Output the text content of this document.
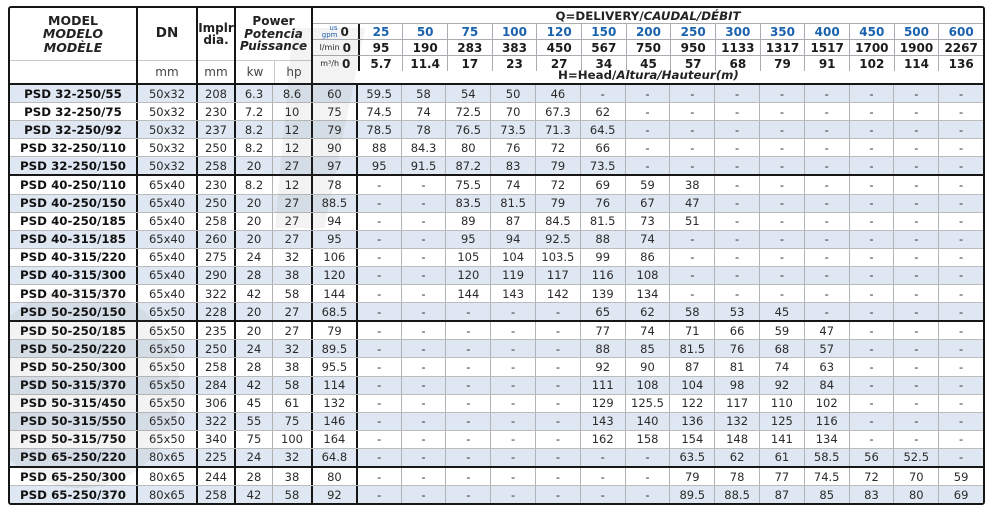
MODEL
MODELO
MODÈLE
DN
mm
Implr
dia.
mm
Power
Potencia
Puissance
kw	hp
Q=DELIVERY/ CAUDAL/DÉBIT
us
gpm 0 25 50 75 100 120 150 200 250 300 350 400 450 500 600
l/min 0 95 190 283 383 450 567 750 950 1133 1317 1517 1700 1900 2267
m³/h 0 5.7 11.4 17 23 27 34 45 57 68 79 91 102 114 136
H=Head/ Altura/Hauteur (m)
PSD 32-250/55	50x32	208	6.3	8.6	60	59.5	58	54	50	46	-	-	-	-	-	-	-	-	-
PSD 32-250/75	50x32	230	7.2	10	75	74.5	74	72.5	70	67.3	62	-	-	-	-	-	-	-	-
PSD 32-250/92	50x32	237	8.2	12	79	78.5	78	76.5	73.5	71.3	64.5	-	-	-	-	-	-	-	-
PSD 32-250/110	50x32	250	8.2	12	90	88	84.3	80	76	72	66	-	-	-	-	-	-	-	-
PSD 32-250/150	50x32	258	20	27	97	95	91.5	87.2	83	79	73.5	-	-	-	-	-	-	-	-
PSD 40-250/110	65x40	230	8.2	12	78	-	-	75.5	74	72	69	59	38	-	-	-	-	-	-
PSD 40-250/150	65x40	250	20	27	88.5	-	-	83.5	81.5	79	76	67	47	-	-	-	-	-	-
PSD 40-250/185	65x40	258	20	27	94	-	-	89	87	84.5	81.5	73	51	-	-	-	-	-	-
PSD 40-315/185	65x40	260	20	27	95	-	-	95	94	92.5	88	74	-	-	-	-	-	-	-
PSD 40-315/220	65x40	275	24	32	106	-	-	105	104	103.5	99	86	-	-	-	-	-	-	-
PSD 40-315/300	65x40	290	28	38	120	-	-	120	119	117	116	108	-	-	-	-	-	-	-
PSD 40-315/370	65x40	322	42	58	144	-	-	144	143	142	139	134	-	-	-	-	-	-	-
PSD 50-250/150	65x50	228	20	27	68.5	-	-	-	-	-	65	62	58	53	45	-	-	-	-
PSD 50-250/185	65x50	235	20	27	79	-	-	-	-	-	77	74	71	66	59	47	-	-	-
PSD 50-250/220	65x50	250	24	32	89.5	-	-	-	-	-	88	85	81.5	76	68	57	-	-	-
PSD 50-250/300	65x50	258	28	38	95.5	-	-	-	-	-	92	90	87	81	74	63	-	-	-
PSD 50-315/370	65x50	284	42	58	114	-	-	-	-	-	111	108	104	98	92	84	-	-	-
PSD 50-315/450	65x50	306	45	61	132	-	-	-	-	-	129	125.5	122	117	110	102	-	-	-
PSD 50-315/550	65x50	322	55	75	146	-	-	-	-	-	143	140	136	132	125	116	-	-	-
PSD 50-315/750	65x50	340	75	100	164	-	-	-	-	-	162	158	154	148	141	134	-	-	-
PSD 65-250/220	80x65	225	24	32	64.8	-	-	-	-	-	-	-	63.5	62	61	58.5	56	52.5	-
PSD 65-250/300	80x65	244	28	38	80	-	-	-	-	-	-	-	79	78	77	74.5	72	70	59
PSD 65-250/370	80x65	258	42	58	92	-	-	-	-	-	-	-	89.5	88.5	87	85	83	80	69
